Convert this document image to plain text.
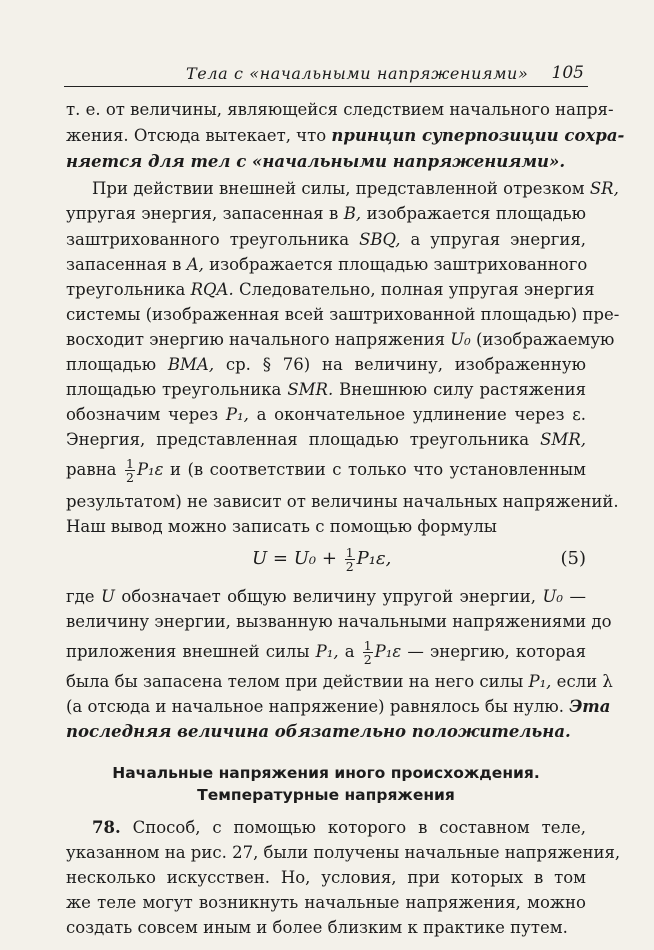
Тела с «начальными напряжениями» 105
т. е. от величины, являющейся следствием начального напря-
жения. Отсюда вытекает, что принцип суперпозиции сохра-
няется для тел с «начальными напряжениями».
При действии внешней силы, представленной отрезком SR,
упругая энергия, запасенная в B, изображается площадью
заштрихованного треугольника SBQ, а упругая энергия,
запасенная в A, изображается площадью заштрихованного
треугольника RQA. Следовательно, полная упругая энергия
системы (изображенная всей заштрихованной площадью) пре-
восходит энергию начального напряжения U₀ (изображаемую
площадью BMA, ср. § 76) на величину, изображенную
площадью треугольника SMR. Внешнюю силу растяжения
обозначим через P₁, а окончательное удлинение через ε.
Энергия, представленная площадью треугольника SMR,
равна $\frac{1}{2} P_1\varepsilon$ и (в соответствии с только что установленным
результатом) не зависит от величины начальных напряжений.
Наш вывод можно записать с помощью формулы
$U = U_0 + \frac{1}{2} P_1\varepsilon$,	(5)
где U обозначает общую величину упругой энергии, U₀ —
величину энергии, вызванную начальными напряжениями до
приложения внешней силы P₁, а $\frac{1}{2} P_1\varepsilon$ — энергию, которая
была бы запасена телом при действии на него силы P₁, если λ
(а отсюда и начальное напряжение) равнялось бы нулю. Эта
последняя величина обязательно положительна.
Начальные напряжения иного происхождения.
Температурные напряжения
78. Способ, с помощью которого в составном теле,
указанном на рис. 27, были получены начальные напряжения,
несколько искусствен. Но, условия, при которых в том
же теле могут возникнуть начальные напряжения, можно
создать совсем иным и более близким к практике путем.
